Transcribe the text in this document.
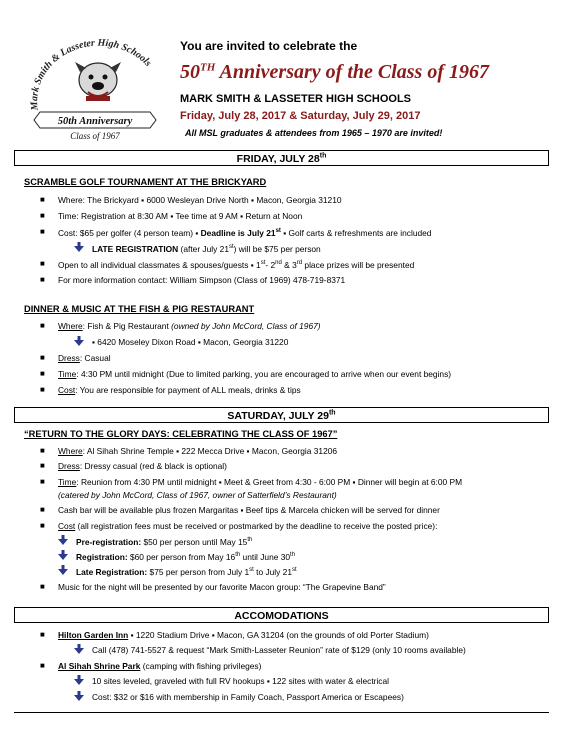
Mark Smith & Lasseter High Schools
50th Anniversary
Class of 1967
You are invited to celebrate the
50TH Anniversary of the Class of 1967
MARK SMITH & LASSETER HIGH SCHOOLS
Friday, July 28, 2017 & Saturday, July 29, 2017
All MSL graduates & attendees from 1965 – 1970 are invited!
FRIDAY, JULY 28th
SCRAMBLE GOLF TOURNAMENT AT THE BRICKYARD
■ Where: The Brickyard ▪ 6000 Wesleyan Drive North ▪ Macon, Georgia 31210
■ Time: Registration at 8:30 AM ▪ Tee time at 9 AM ▪ Return at Noon
■ Cost: $65 per golfer (4 person team) ▪ Deadline is July 21st ▪ Golf carts & refreshments are included
LATE REGISTRATION (after July 21st) will be $75 per person
■ Open to all individual classmates & spouses/guests ▪ 1st- 2nd & 3rd place prizes will be presented
■ For more information contact: William Simpson (Class of 1969) 478-719-8371
DINNER & MUSIC AT THE FISH & PIG RESTAURANT
■ Where: Fish & Pig Restaurant (owned by John McCord, Class of 1967)
▪ 6420 Moseley Dixon Road ▪ Macon, Georgia 31220
■ Dress: Casual
■ Time: 4:30 PM until midnight (Due to limited parking, you are encouraged to arrive when our event begins)
■ Cost: You are responsible for payment of ALL meals, drinks & tips
SATURDAY, JULY 29th
“RETURN TO THE GLORY DAYS: CELEBRATING THE CLASS OF 1967”
■ Where: Al Sihah Shrine Temple ▪ 222 Mecca Drive ▪ Macon, Georgia 31206
■ Dress: Dressy casual (red & black is optional)
■ Time: Reunion from 4:30 PM until midnight ▪ Meet & Greet from 4:30 - 6:00 PM ▪ Dinner will begin at 6:00 PM
(catered by John McCord, Class of 1967, owner of Satterfield’s Restaurant)
■ Cash bar will be available plus frozen Margaritas ▪ Beef tips & Marcela chicken will be served for dinner
■ Cost (all registration fees must be received or postmarked by the deadline to receive the posted price):
Pre-registration: $50 per person until May 15th
Registration: $60 per person from May 16th until June 30th
Late Registration: $75 per person from July 1st to July 21st
■ Music for the night will be presented by our favorite Macon group: “The Grapevine Band”
ACCOMODATIONS
■ Hilton Garden Inn ▪ 1220 Stadium Drive ▪ Macon, GA 31204 (on the grounds of old Porter Stadium)
Call (478) 741-5527 & request “Mark Smith-Lasseter Reunion” rate of $129 (only 10 rooms available)
■ Al Sihah Shrine Park (camping with fishing privileges)
10 sites leveled, graveled with full RV hookups ▪ 122 sites with water & electrical
Cost: $32 or $16 with membership in Family Coach, Passport America or Escapees)
